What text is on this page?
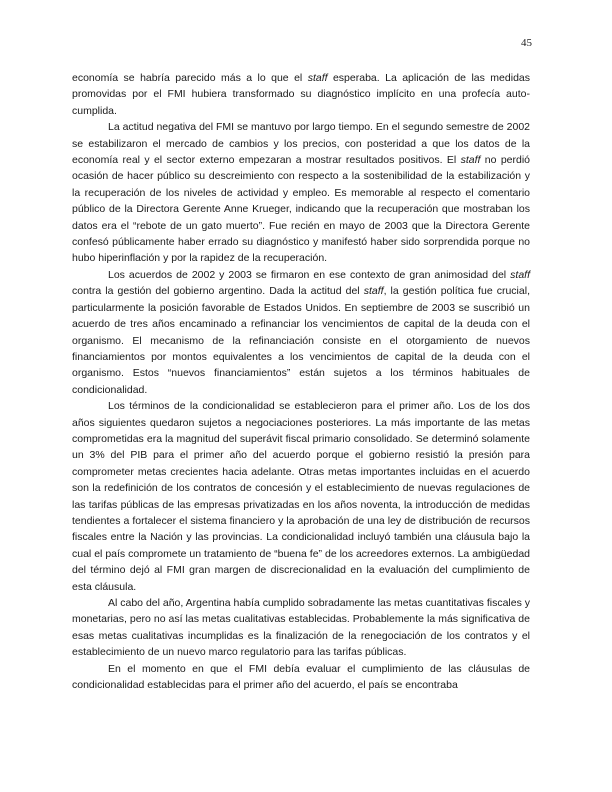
45

economía se habría parecido más a lo que el staff esperaba. La aplicación de las medidas promovidas por el FMI hubiera transformado su diagnóstico implícito en una profecía auto-cumplida.

La actitud negativa del FMI se mantuvo por largo tiempo. En el segundo semestre de 2002 se estabilizaron el mercado de cambios y los precios, con posteridad a que los datos de la economía real y el sector externo empezaran a mostrar resultados positivos. El staff no perdió ocasión de hacer público su descreimiento con respecto a la sostenibilidad de la estabilización y la recuperación de los niveles de actividad y empleo. Es memorable al respecto el comentario público de la Directora Gerente Anne Krueger, indicando que la recuperación que mostraban los datos era el “rebote de un gato muerto”. Fue recién en mayo de 2003 que la Directora Gerente confesó públicamente haber errado su diagnóstico y manifestó haber sido sorprendida porque no hubo hiperinflación y por la rapidez de la recuperación.

Los acuerdos de 2002 y 2003 se firmaron en ese contexto de gran animosidad del staff contra la gestión del gobierno argentino. Dada la actitud del staff, la gestión política fue crucial, particularmente la posición favorable de Estados Unidos. En septiembre de 2003 se suscribió un acuerdo de tres años encaminado a refinanciar los vencimientos de capital de la deuda con el organismo. El mecanismo de la refinanciación consiste en el otorgamiento de nuevos financiamientos por montos equivalentes a los vencimientos de capital de la deuda con el organismo. Estos “nuevos financiamientos” están sujetos a los términos habituales de condicionalidad.

Los términos de la condicionalidad se establecieron para el primer año. Los de los dos años siguientes quedaron sujetos a negociaciones posteriores. La más importante de las metas comprometidas era la magnitud del superávit fiscal primario consolidado. Se determinó solamente un 3% del PIB para el primer año del acuerdo porque el gobierno resistió la presión para comprometer metas crecientes hacia adelante. Otras metas importantes incluidas en el acuerdo son la redefinición de los contratos de concesión y el establecimiento de nuevas regulaciones de las tarifas públicas de las empresas privatizadas en los años noventa, la introducción de medidas tendientes a fortalecer el sistema financiero y la aprobación de una ley de distribución de recursos fiscales entre la Nación y las provincias. La condicionalidad incluyó también una cláusula bajo la cual el país compromete un tratamiento de “buena fe” de los acreedores externos. La ambigüedad del término dejó al FMI gran margen de discrecionalidad en la evaluación del cumplimiento de esta cláusula.

Al cabo del año, Argentina había cumplido sobradamente las metas cuantitativas fiscales y monetarias, pero no así las metas cualitativas establecidas. Probablemente la más significativa de esas metas cualitativas incumplidas es la finalización de la renegociación de los contratos y el establecimiento de un nuevo marco regulatorio para las tarifas públicas.

En el momento en que el FMI debía evaluar el cumplimiento de las cláusulas de condicionalidad establecidas para el primer año del acuerdo, el país se encontraba
